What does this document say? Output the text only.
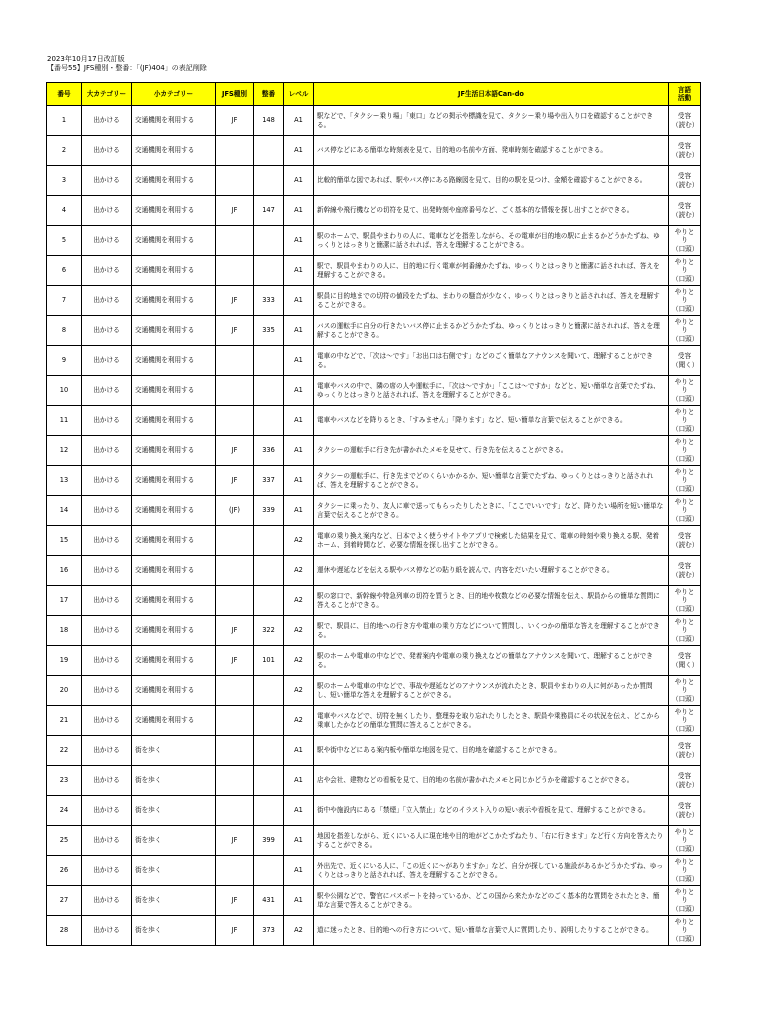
2023年10月17日改訂版
【番号55】JFS種別・整番：「(JF)404」の表記削除
番号	大カテゴリー	小カテゴリー	JFS種別	整番	レベル	JF生活日本語Can-do	言語
活動
1	出かける	交通機関を利用する	JF	148	A1	駅などで、「タクシー乗り場」「東口」などの掲示や標識を見て、タクシー乗り場や出入り口を確認することができる。	受容
（読む）
2	出かける	交通機関を利用する			A1	バス停などにある簡単な時刻表を見て、目的地の名前や方面、発車時刻を確認することができる。	受容
（読む）
3	出かける	交通機関を利用する			A1	比較的簡単な図であれば、駅やバス停にある路線図を見て、目的の駅を見つけ、金額を確認することができる。	受容
（読む）
4	出かける	交通機関を利用する	JF	147	A1	新幹線や飛行機などの切符を見て、出発時刻や座席番号など、ごく基本的な情報を探し出すことができる。	受容
（読む）
5	出かける	交通機関を利用する			A1	駅のホームで、駅員やまわりの人に、電車などを指差しながら、その電車が目的地の駅に止まるかどうかたずね、ゆっくりとはっきりと簡潔に話されれば、答えを理解することができる。	やりとり
（口頭）
6	出かける	交通機関を利用する			A1	駅で、駅員やまわりの人に、目的地に行く電車が何番線かたずね、ゆっくりとはっきりと簡潔に話されれば、答えを理解することができる。	やりとり
（口頭）
7	出かける	交通機関を利用する	JF	333	A1	駅員に目的地までの切符の値段をたずね、まわりの騒音が少なく、ゆっくりとはっきりと話されれば、答えを理解することができる。	やりとり
（口頭）
8	出かける	交通機関を利用する	JF	335	A1	バスの運転手に自分の行きたいバス停に止まるかどうかたずね、ゆっくりとはっきりと簡潔に話されれば、答えを理解することができる。	やりとり
（口頭）
9	出かける	交通機関を利用する			A1	電車の中などで、「次は～です」「お出口は右側です」などのごく簡単なアナウンスを聞いて、理解することができる。	受容
（聞く）
10	出かける	交通機関を利用する			A1	電車やバスの中で、隣の席の人や運転手に、「次は～ですか」「ここは～ですか」などと、短い簡単な言葉でたずね、ゆっくりとはっきりと話されれば、答えを理解することができる。	やりとり
（口頭）
11	出かける	交通機関を利用する			A1	電車やバスなどを降りるとき、「すみません」「降ります」など、短い簡単な言葉で伝えることができる。	やりとり
（口頭）
12	出かける	交通機関を利用する	JF	336	A1	タクシーの運転手に行き先が書かれたメモを見せて、行き先を伝えることができる。	やりとり
（口頭）
13	出かける	交通機関を利用する	JF	337	A1	タクシーの運転手に、行き先までどのくらいかかるか、短い簡単な言葉でたずね、ゆっくりとはっきりと話されれば、答えを理解することができる。	やりとり
（口頭）
14	出かける	交通機関を利用する	(JF)	339	A1	タクシーに乗ったり、友人に車で送ってもらったりしたときに、「ここでいいです」など、降りたい場所を短い簡単な言葉で伝えることができる。	やりとり
（口頭）
15	出かける	交通機関を利用する			A2	電車の乗り換え案内など、日本でよく使うサイトやアプリで検索した結果を見て、電車の時刻や乗り換える駅、発着ホーム、到着時間など、必要な情報を探し出すことができる。	受容
（読む）
16	出かける	交通機関を利用する			A2	運休や遅延などを伝える駅やバス停などの貼り紙を読んで、内容をだいたい理解することができる。	受容
（読む）
17	出かける	交通機関を利用する			A2	駅の窓口で、新幹線や特急列車の切符を買うとき、目的地や枚数などの必要な情報を伝え、駅員からの簡単な質問に答えることができる。	やりとり
（口頭）
18	出かける	交通機関を利用する	JF	322	A2	駅で、駅員に、目的地への行き方や電車の乗り方などについて質問し、いくつかの簡単な答えを理解することができる。	やりとり
（口頭）
19	出かける	交通機関を利用する	JF	101	A2	駅のホームや電車の中などで、発着案内や電車の乗り換えなどの簡単なアナウンスを聞いて、理解することができる。	受容
（聞く）
20	出かける	交通機関を利用する			A2	駅のホームや電車の中などで、事故や遅延などのアナウンスが流れたとき、駅員やまわりの人に何があったか質問し、短い簡単な答えを理解することができる。	やりとり
（口頭）
21	出かける	交通機関を利用する			A2	電車やバスなどで、切符を無くしたり、整理券を取り忘れたりしたとき、駅員や乗務員にその状況を伝え、どこから乗車したかなどの簡単な質問に答えることができる。	やりとり
（口頭）
22	出かける	街を歩く			A1	駅や街中などにある案内板や簡単な地図を見て、目的地を確認することができる。	受容
（読む）
23	出かける	街を歩く			A1	店や会社、建物などの看板を見て、目的地の名前が書かれたメモと同じかどうかを確認することができる。	受容
（読む）
24	出かける	街を歩く			A1	街中や施設内にある「禁煙」「立入禁止」などのイラスト入りの短い表示や看板を見て、理解することができる。	受容
（読む）
25	出かける	街を歩く	JF	399	A1	地図を指差しながら、近くにいる人に現在地や目的地がどこかたずねたり、「右に行きます」など行く方向を答えたりすることができる。	やりとり
（口頭）
26	出かける	街を歩く			A1	外出先で、近くにいる人に、「この近くに～がありますか」など、自分が探している施設があるかどうかたずね、ゆっくりとはっきりと話されれば、答えを理解することができる。	やりとり
（口頭）
27	出かける	街を歩く	JF	431	A1	駅や公園などで、警官にパスポートを持っているか、どこの国から来たかなどのごく基本的な質問をされたとき、簡単な言葉で答えることができる。	やりとり
（口頭）
28	出かける	街を歩く	JF	373	A2	道に迷ったとき、目的地への行き方について、短い簡単な言葉で人に質問したり、説明したりすることができる。	やりとり
（口頭）
